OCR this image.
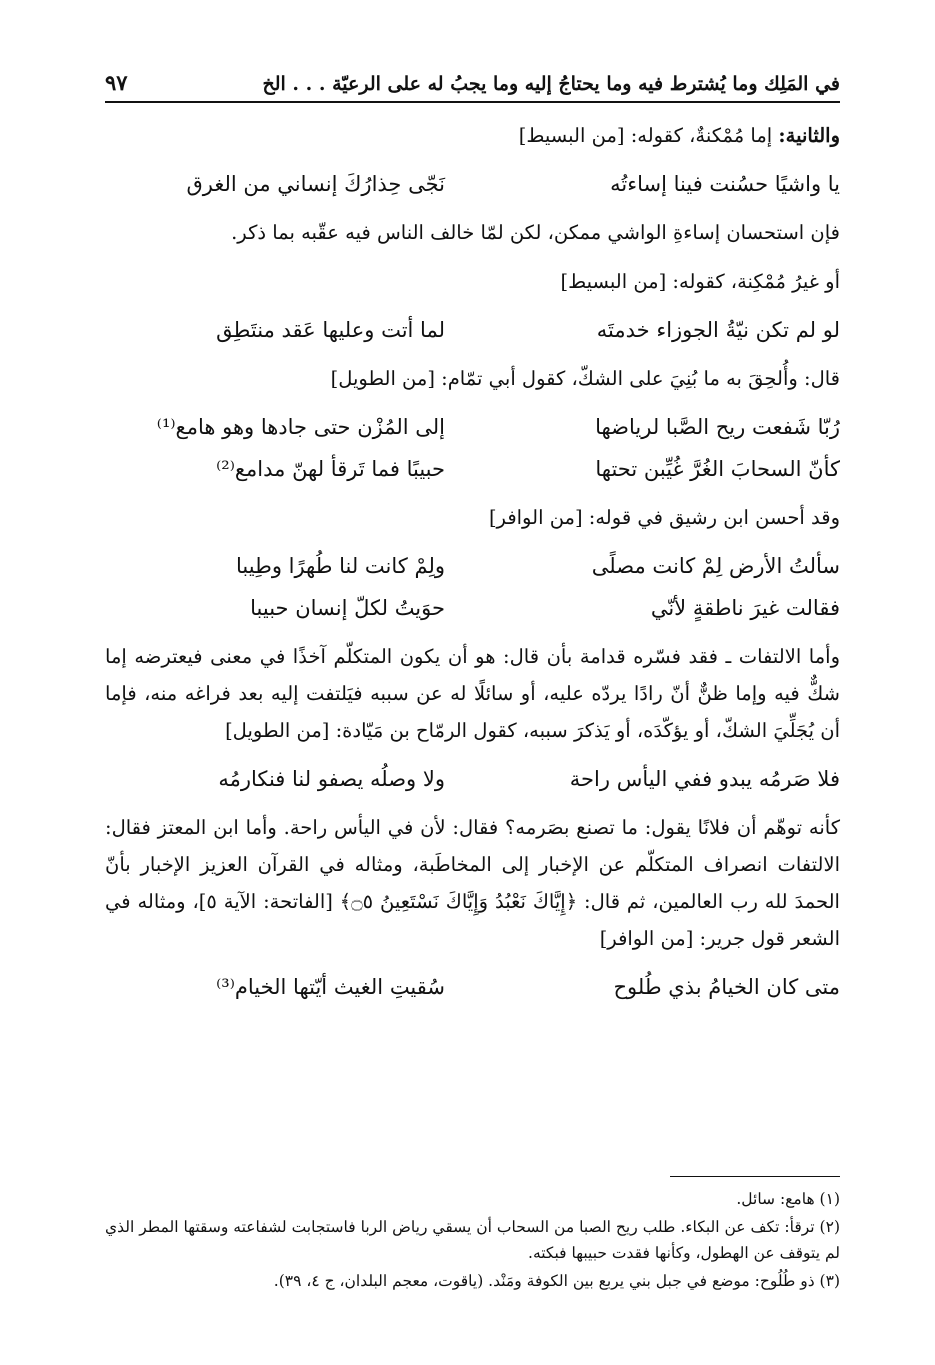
في المَلِك وما يُشترط فيه وما يحتاجُ إليه وما يجبُ له على الرعيّة . . . الخ
٩٧

والثانية: إما مُمْكنةٌ، كقوله: [من البسيط]

يا واشيًا حسُنت فينا إساءتُه
نَجّى حِذارُكَ إنساني من الغرق

فإن استحسان إساءةِ الواشي ممكن، لكن لمّا خالف الناس فيه عقّبه بما ذكر.

أو غيرُ مُمْكِنة، كقوله: [من البسيط]

لو لم تكن نيّةُ الجوزاء خدمتَه
لما أتت وعليها عَقد منتَطِق

قال: وأُلحِقَ به ما بُنِيَ على الشكّ، كقول أبي تمّام: [من الطويل]

رُبّا شَفعت ريح الصَّبا لرياضها
إلى المُزْن حتى جادها وهو هامع⁽¹⁾
كأنّ السحابَ الغُرَّ غُيِّبن تحتها
حبيبًا فما تَرقأ لهنّ مدامع⁽²⁾

وقد أحسن ابن رشيق في قوله: [من الوافر]

سألتُ الأرض لِمْ كانت مصلًى
ولِمْ كانت لنا طُهرًا وطِيبا
فقالت غيرَ ناطقةٍ لأنّي
حوَيتُ لكلّ إنسان حبيبا

وأما الالتفات ـ فقد فسّره قدامة بأن قال: هو أن يكون المتكلّم آخذًا في معنى فيعترضه إما شكٌّ فيه وإما ظنٌّ أنّ رادًا يردّه عليه، أو سائلًا له عن سببه فيَلتفت إليه بعد فراغه منه، فإما أن يُجَلِّيَ الشكّ، أو يؤكّدَه، أو يَذكرَ سببه، كقول الرمّاح بن مَيّادة: [من الطويل]

فلا صَرمُه يبدو ففي اليأس راحة
ولا وصلُه يصفو لنا فنكارمُه

كأنه توهّم أن فلانًا يقول: ما تصنع بصَرمه؟ فقال: لأن في اليأس راحة. وأما ابن المعتز فقال: الالتفات انصراف المتكلّم عن الإخبار إلى المخاطَبة، ومثاله في القرآن العزيز الإخبار بأنّ الحمدَ لله رب العالمين، ثم قال: ﴿إِيَّاكَ نَعْبُدُ وَإِيَّاكَ نَسْتَعِينُ ۝٥﴾ [الفاتحة: الآية ٥]، ومثاله في الشعر قول جرير: [من الوافر]

متى كان الخيامُ بذي طُلوح
سُقيتِ الغيث أيّتها الخيام⁽³⁾

(١) هامع: سائل.

(٢) ترقأ: تكف عن البكاء. طلب ريح الصبا من السحاب أن يسقي رياض الربا فاستجابت لشفاعته وسقتها المطر الذي لم يتوقف عن الهطول، وكأنها فقدت حبيبها فبكته.

(٣) ذو طُلُوح: موضع في جبل بني يربع بين الكوفة ومَنْد. (ياقوت، معجم البلدان، ج ٤، ٣٩).
